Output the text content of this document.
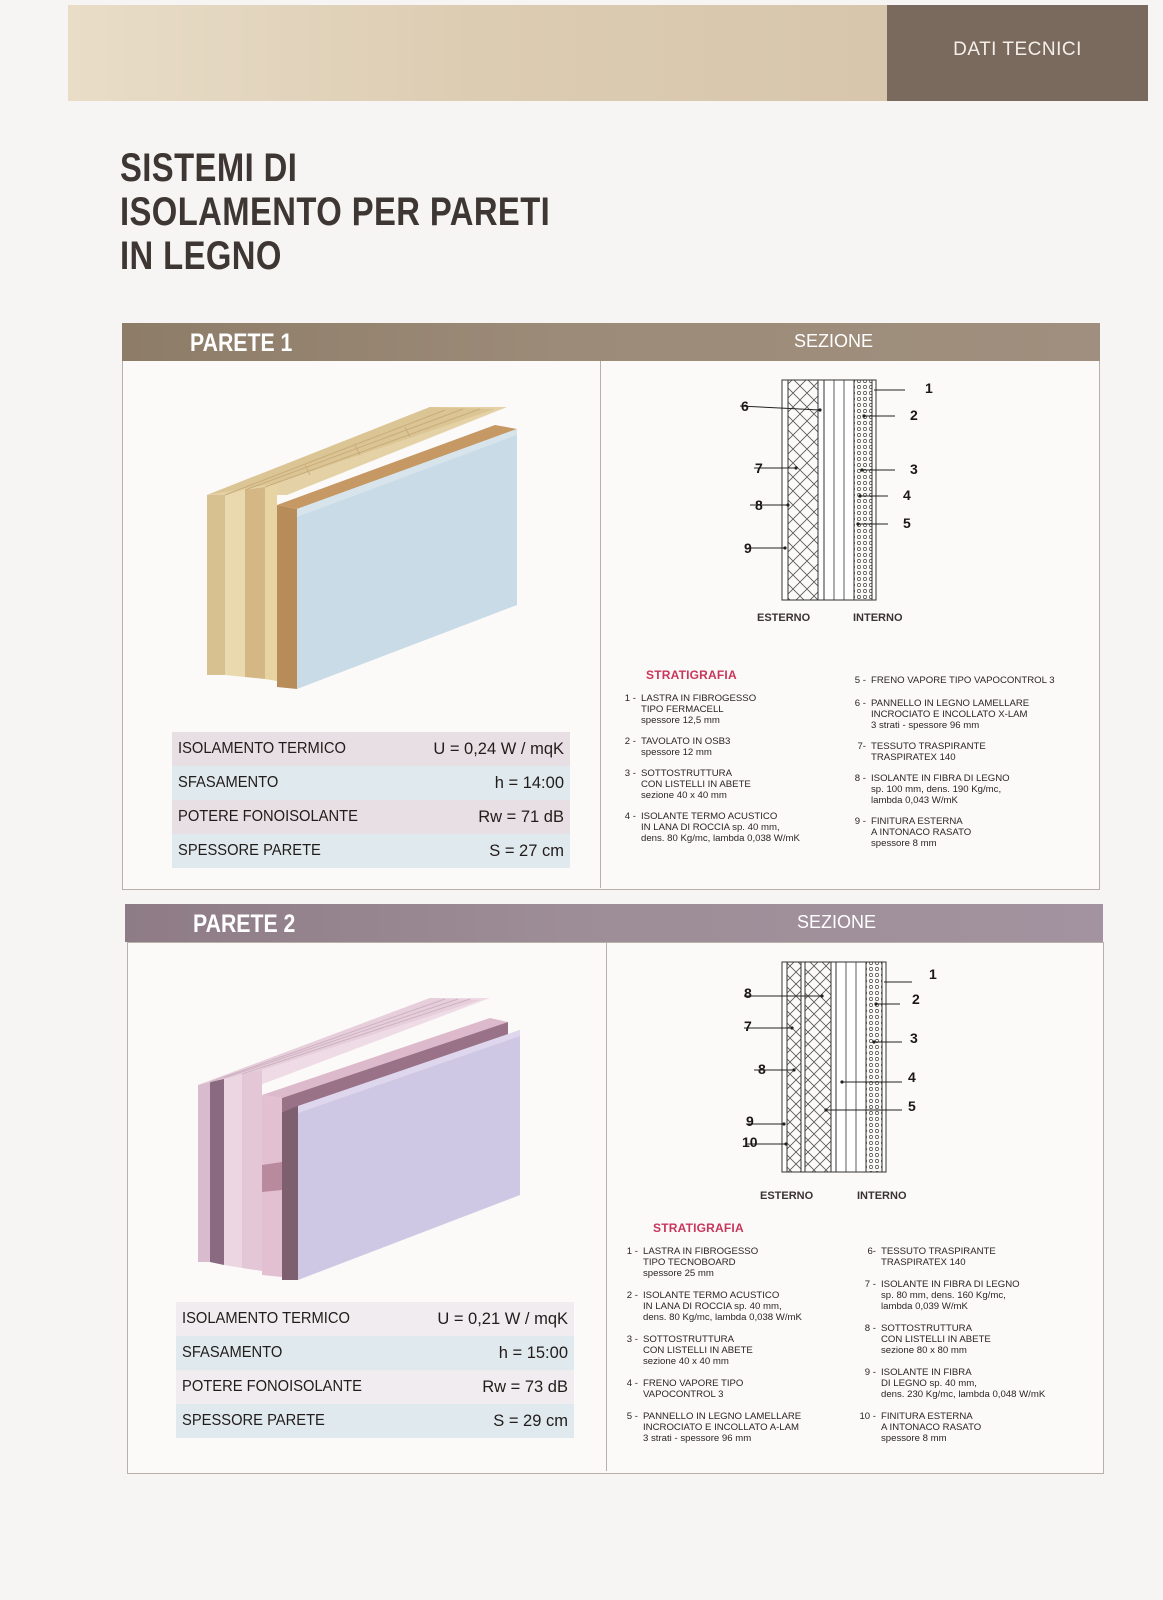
DATI TECNICI
SISTEMI DI
ISOLAMENTO PER PARETI
IN LEGNO
PARETE 1	SEZIONE
ISOLAMENTO TERMICO	U = 0,24 W / mqK
SFASAMENTO	h = 14:00
POTERE FONOISOLANTE	Rw = 71 dB
SPESSORE PARETE	S = 27 cm
6
7
8
9
1
2
3
4
5
ESTERNO	INTERNO
STRATIGRAFIA
1 - LASTRA IN FIBROGESSO
TIPO FERMACELL
spessore 12,5 mm
2 - TAVOLATO IN OSB3
spessore 12 mm
3 - SOTTOSTRUTTURA
CON LISTELLI IN ABETE
sezione 40 x 40 mm
4 - ISOLANTE TERMO ACUSTICO
IN LANA DI ROCCIA sp. 40 mm,
dens. 80 Kg/mc, lambda 0,038 W/mK
5 - FRENO VAPORE TIPO VAPOCONTROL 3
6 - PANNELLO IN LEGNO LAMELLARE
INCROCIATO E INCOLLATO X-LAM
3 strati - spessore 96 mm
7- TESSUTO TRASPIRANTE
TRASPIRATEX 140
8 - ISOLANTE IN FIBRA DI LEGNO
sp. 100 mm, dens. 190 Kg/mc,
lambda 0,043 W/mK
9 - FINITURA ESTERNA
A INTONACO RASATO
spessore 8 mm
PARETE 2	SEZIONE
ISOLAMENTO TERMICO	U = 0,21 W / mqK
SFASAMENTO	h = 15:00
POTERE FONOISOLANTE	Rw = 73 dB
SPESSORE PARETE	S = 29 cm
8
7
8
9
10
1
2
3
4
5
ESTERNO	INTERNO
STRATIGRAFIA
1 - LASTRA IN FIBROGESSO
TIPO TECNOBOARD
spessore 25 mm
2 - ISOLANTE TERMO ACUSTICO
IN LANA DI ROCCIA sp. 40 mm,
dens. 80 Kg/mc, lambda 0,038 W/mK
3 - SOTTOSTRUTTURA
CON LISTELLI IN ABETE
sezione 40 x 40 mm
4 - FRENO VAPORE TIPO
VAPOCONTROL 3
5 - PANNELLO IN LEGNO LAMELLARE
INCROCIATO E INCOLLATO A-LAM
3 strati - spessore 96 mm
6- TESSUTO TRASPIRANTE
TRASPIRATEX 140
7 - ISOLANTE IN FIBRA DI LEGNO
sp. 80 mm, dens. 160 Kg/mc,
lambda 0,039 W/mK
8 - SOTTOSTRUTTURA
CON LISTELLI IN ABETE
sezione 80 x 80 mm
9 - ISOLANTE IN FIBRA
DI LEGNO sp. 40 mm,
dens. 230 Kg/mc, lambda 0,048 W/mK
10 - FINITURA ESTERNA
A INTONACO RASATO
spessore 8 mm
